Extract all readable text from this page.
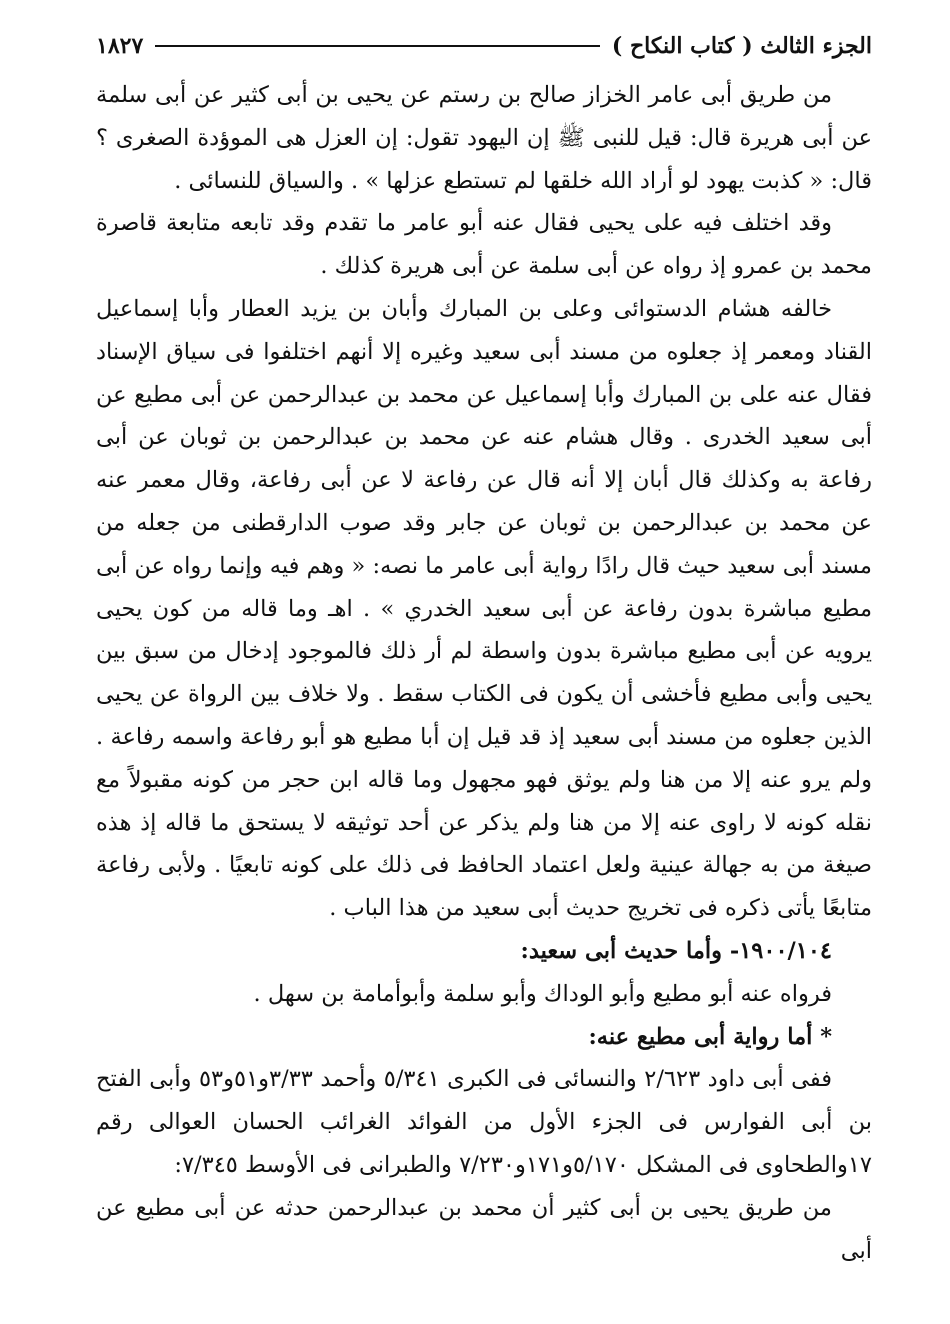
الجزء الثالث ( كتاب النكاح )
١٨٢٧

من طريق أبى عامر الخزاز صالح بن رستم عن يحيى بن أبى كثير عن أبى سلمة عن أبى هريرة قال: قيل للنبى ﷺ إن اليهود تقول: إن العزل هى الموؤدة الصغرى ؟ قال: « كذبت يهود لو أراد الله خلقها لم تستطع عزلها » . والسياق للنسائى .

وقد اختلف فيه على يحيى فقال عنه أبو عامر ما تقدم وقد تابعه متابعة قاصرة محمد بن عمرو إذ رواه عن أبى سلمة عن أبى هريرة كذلك .

خالفه هشام الدستوائى وعلى بن المبارك وأبان بن يزيد العطار وأبا إسماعيل القناد ومعمر إذ جعلوه من مسند أبى سعيد وغيره إلا أنهم اختلفوا فى سياق الإسناد فقال عنه على بن المبارك وأبا إسماعيل عن محمد بن عبدالرحمن عن أبى مطيع عن أبى سعيد الخدرى . وقال هشام عنه عن محمد بن عبدالرحمن بن ثوبان عن أبى رفاعة به وكذلك قال أبان إلا أنه قال عن رفاعة لا عن أبى رفاعة، وقال معمر عنه عن محمد بن عبدالرحمن بن ثوبان عن جابر وقد صوب الدارقطنى من جعله من مسند أبى سعيد حيث قال رادًا رواية أبى عامر ما نصه: « وهم فيه وإنما رواه عن أبى مطيع مباشرة بدون رفاعة عن أبى سعيد الخدري » . اهـ وما قاله من كون يحيى يرويه عن أبى مطيع مباشرة بدون واسطة لم أر ذلك فالموجود إدخال من سبق بين يحيى وأبى مطيع فأخشى أن يكون فى الكتاب سقط . ولا خلاف بين الرواة عن يحيى الذين جعلوه من مسند أبى سعيد إذ قد قيل إن أبا مطيع هو أبو رفاعة واسمه رفاعة . ولم يرو عنه إلا من هنا ولم يوثق فهو مجهول وما قاله ابن حجر من كونه مقبولاً مع نقله كونه لا راوى عنه إلا من هنا ولم يذكر عن أحد توثيقه لا يستحق ما قاله إذ هذه صيغة من به جهالة عينية ولعل اعتماد الحافظ فى ذلك على كونه تابعيًا . ولأبى رفاعة متابعًا يأتى ذكره فى تخريج حديث أبى سعيد من هذا الباب .

١٩٠٠/١٠٤- وأما حديث أبى سعيد:

فرواه عنه أبو مطيع وأبو الوداك وأبو سلمة وأبوأمامة بن سهل .

* أما رواية أبى مطيع عنه:

ففى أبى داود ٢/٦٢٣ والنسائى فى الكبرى ٥/٣٤١ وأحمد ٣/٣٣و٥١و٥٣ وأبى الفتح بن أبى الفوارس فى الجزء الأول من الفوائد الغرائب الحسان العوالى رقم ١٧والطحاوى فى المشكل ٥/١٧٠و١٧١و٧/٢٣٠ والطبرانى فى الأوسط ٧/٣٤٥:

من طريق يحيى بن أبى كثير أن محمد بن عبدالرحمن حدثه عن أبى مطيع عن أبى
